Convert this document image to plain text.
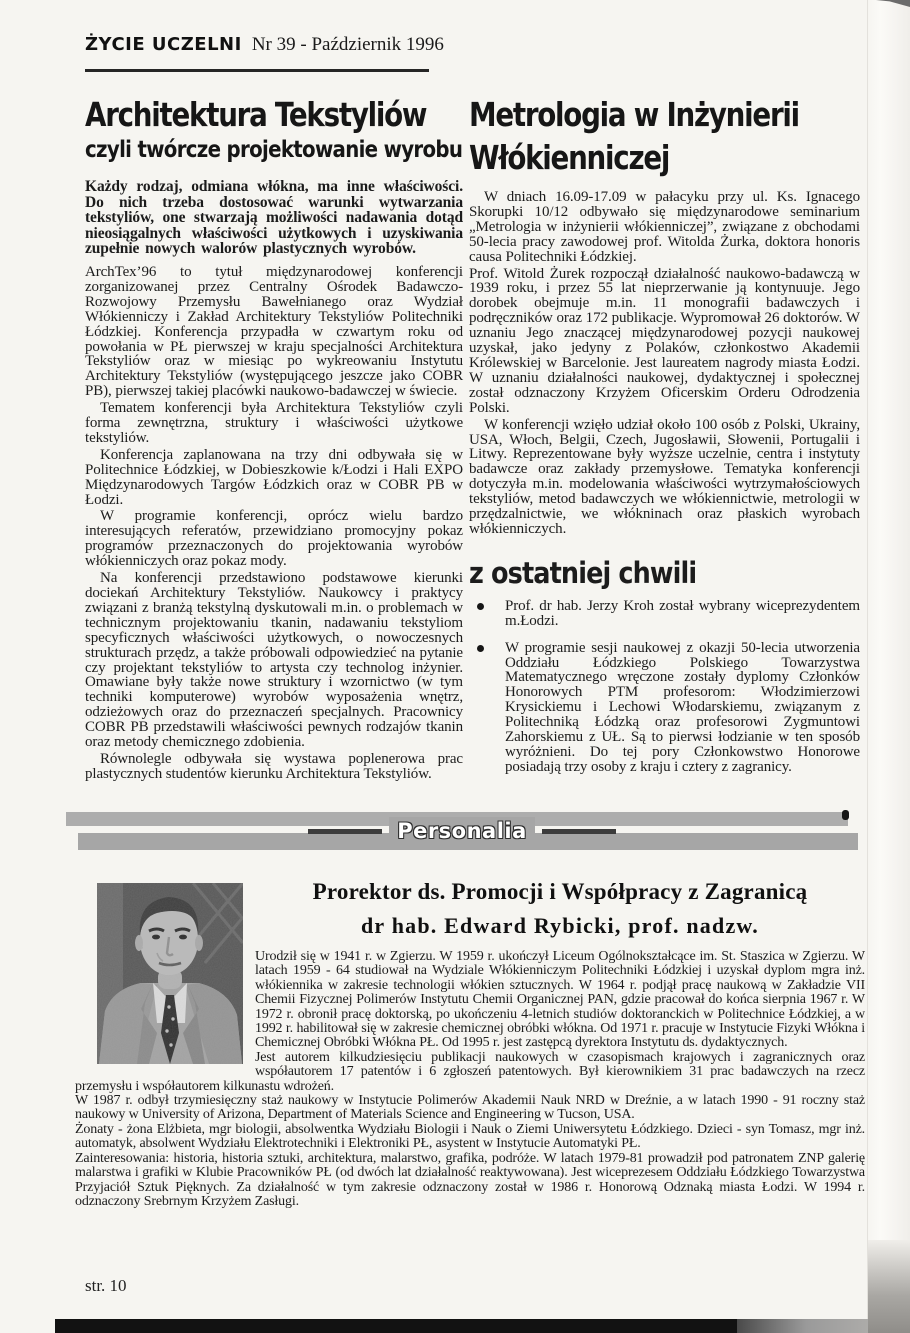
ŻYCIE UCZELNI Nr 39 - Październik 1996
Architektura Tekstyliów
czyli twórcze projektowanie wyrobu

Każdy rodzaj, odmiana włókna, ma inne właściwości. Do nich trzeba dostosować warunki wytwarzania tekstyliów, one stwarzają możliwości nadawania dotąd nieosiągalnych właściwości użytkowych i uzyskiwania zupełnie nowych walorów plastycznych wyrobów.

ArchTex’96 to tytuł międzynarodowej konferencji zorganizowanej przez Centralny Ośrodek Badawczo-Rozwojowy Przemysłu Bawełnianego oraz Wydział Włókienniczy i Zakład Architektury Tekstyliów Politechniki Łódzkiej. Konferencja przypadła w czwartym roku od powołania w PŁ pierwszej w kraju specjalności Architektura Tekstyliów oraz w miesiąc po wykreowaniu Instytutu Architektury Tekstyliów (występującego jeszcze jako COBR PB), pierwszej takiej placówki naukowo-badawczej w świecie.

Tematem konferencji była Architektura Tekstyliów czyli forma zewnętrzna, struktury i właściwości użytkowe tekstyliów.

Konferencja zaplanowana na trzy dni odbywała się w Politechnice Łódzkiej, w Dobieszkowie k/Łodzi i Hali EXPO Międzynarodowych Targów Łódzkich oraz w COBR PB w Łodzi.

W programie konferencji, oprócz wielu bardzo interesujących referatów, przewidziano promocyjny pokaz programów przeznaczonych do projektowania wyrobów włókienniczych oraz pokaz mody.

Na konferencji przedstawiono podstawowe kierunki dociekań Architektury Tekstyliów. Naukowcy i praktycy związani z branżą tekstylną dyskutowali m.in. o problemach w technicznym projektowaniu tkanin, nadawaniu tekstyliom specyficznych właściwości użytkowych, o nowoczesnych strukturach przędz, a także próbowali odpowiedzieć na pytanie czy projektant tekstyliów to artysta czy technolog inżynier. Omawiane były także nowe struktury i wzornictwo (w tym techniki komputerowe) wyrobów wyposażenia wnętrz, odzieżowych oraz do przeznaczeń specjalnych. Pracownicy COBR PB przedstawili właściwości pewnych rodzajów tkanin oraz metody chemicznego zdobienia.

Równolegle odbywała się wystawa poplenerowa prac plastycznych studentów kierunku Architektura Tekstyliów.

Metrologia w Inżynierii
Włókienniczej

W dniach 16.09-17.09 w pałacyku przy ul. Ks. Ignacego Skorupki 10/12 odbywało się międzynarodowe seminarium „Metrologia w inżynierii włókienniczej”, związane z obchodami 50-lecia pracy zawodowej prof. Witolda Żurka, doktora honoris causa Politechniki Łódzkiej.

Prof. Witold Żurek rozpoczął działalność naukowo-badawczą w 1939 roku, i przez 55 lat nieprzerwanie ją kontynuuje. Jego dorobek obejmuje m.in. 11 monografii badawczych i podręczników oraz 172 publikacje. Wypromował 26 doktorów. W uznaniu Jego znaczącej międzynarodowej pozycji naukowej uzyskał, jako jedyny z Polaków, członkostwo Akademii Królewskiej w Barcelonie. Jest laureatem nagrody miasta Łodzi. W uznaniu działalności naukowej, dydaktycznej i społecznej został odznaczony Krzyżem Oficerskim Orderu Odrodzenia Polski.

W konferencji wzięło udział około 100 osób z Polski, Ukrainy, USA, Włoch, Belgii, Czech, Jugosławii, Słowenii, Portugalii i Litwy. Reprezentowane były wyższe uczelnie, centra i instytuty badawcze oraz zakłady przemysłowe. Tematyka konferencji dotyczyła m.in. modelowania właściwości wytrzymałościowych tekstyliów, metod badawczych we włókiennictwie, metrologii w przędzalnictwie, we włókninach oraz płaskich wyrobach włókienniczych.

z ostatniej chwili
Prof. dr hab. Jerzy Kroh został wybrany wiceprezydentem m.Łodzi.
W programie sesji naukowej z okazji 50-lecia utworzenia Oddziału Łódzkiego Polskiego Towarzystwa Matematycznego wręczone zostały dyplomy Członków Honorowych PTM profesorom: Włodzimierzowi Krysickiemu i Lechowi Włodarskiemu, związanym z Politechniką Łódzką oraz profesorowi Zygmuntowi Zahorskiemu z UŁ. Są to pierwsi łodzianie w ten sposób wyróżnieni. Do tej pory Członkowstwo Honorowe posiadają trzy osoby z kraju i cztery z zagranicy.
Personalia
Prorektor ds. Promocji i Współpracy z Zagranicą
dr hab. Edward Rybicki, prof. nadzw.

Urodził się w 1941 r. w Zgierzu. W 1959 r. ukończył Liceum Ogólnokształcące im. St. Staszica w Zgierzu. W latach 1959 - 64 studiował na Wydziale Włókienniczym Politechniki Łódzkiej i uzyskał dyplom mgra inż. włókiennika w zakresie technologii włókien sztucznych. W 1964 r. podjął pracę naukową w Zakładzie VII Chemii Fizycznej Polimerów Instytutu Chemii Organicznej PAN, gdzie pracował do końca sierpnia 1967 r. W 1972 r. obronił pracę doktorską, po ukończeniu 4-letnich studiów doktoranckich w Politechnice Łódzkiej, a w 1992 r. habilitował się w zakresie chemicznej obróbki włókna. Od 1971 r. pracuje w Instytucie Fizyki Włókna i Chemicznej Obróbki Włókna PŁ. Od 1995 r. jest zastępcą dyrektora Instytutu ds. dydaktycznych.

Jest autorem kilkudziesięciu publikacji naukowych w czasopismach krajowych i zagranicznych oraz współautorem 17 patentów i 6 zgłoszeń patentowych. Był kierownikiem 31 prac badawczych na rzecz przemysłu i współautorem kilkunastu wdrożeń.

W 1987 r. odbył trzymiesięczny staż naukowy w Instytucie Polimerów Akademii Nauk NRD w Dreźnie, a w latach 1990 - 91 roczny staż naukowy w University of Arizona, Department of Materials Science and Engineering w Tucson, USA.

Żonaty - żona Elżbieta, mgr biologii, absolwentka Wydziału Biologii i Nauk o Ziemi Uniwersytetu Łódzkiego. Dzieci - syn Tomasz, mgr inż. automatyk, absolwent Wydziału Elektrotechniki i Elektroniki PŁ, asystent w Instytucie Automatyki PŁ.

Zainteresowania: historia, historia sztuki, architektura, malarstwo, grafika, podróże. W latach 1979-81 prowadził pod patronatem ZNP galerię malarstwa i grafiki w Klubie Pracowników PŁ (od dwóch lat działalność reaktywowana). Jest wiceprezesem Oddziału Łódzkiego Towarzystwa Przyjaciół Sztuk Pięknych. Za działalność w tym zakresie odznaczony został w 1986 r. Honorową Odznaką miasta Łodzi. W 1994 r. odznaczony Srebrnym Krzyżem Zasługi.

str. 10
